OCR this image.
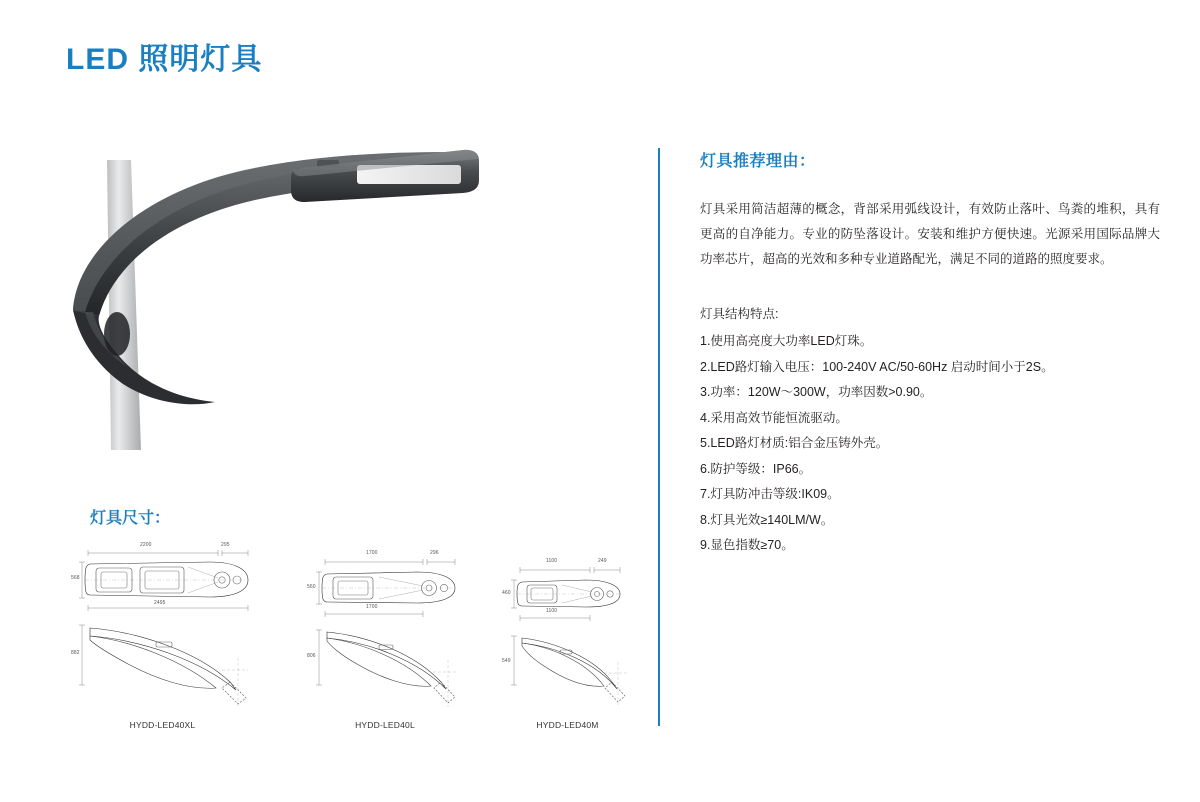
LED 照明灯具
灯具尺寸：
2200	295
568
2495
882
HYDD-LED40XL
1700	296
560
1700
806
HYDD-LED40L
1100	249
460
1100
549
HYDD-LED40M
灯具推荐理由：

灯具采用简洁超薄的概念，背部采用弧线设计，有效防止落叶、鸟粪的堆积，具有更高的自净能力。专业的防坠落设计。安装和维护方便快速。光源采用国际品牌大功率芯片，超高的光效和多种专业道路配光，满足不同的道路的照度要求。

灯具结构特点:
1.使用高亮度大功率LED灯珠。
2.LED路灯输入电压：100-240V AC/50-60Hz 启动时间小于2S。
3.功率：120W～300W，功率因数>0.90。
4.采用高效节能恒流驱动。
5.LED路灯材质:铝合金压铸外壳。
6.防护等级：IP66。
7.灯具防冲击等级:IK09。
8.灯具光效≥140LM/W。
9.显色指数≥70。
